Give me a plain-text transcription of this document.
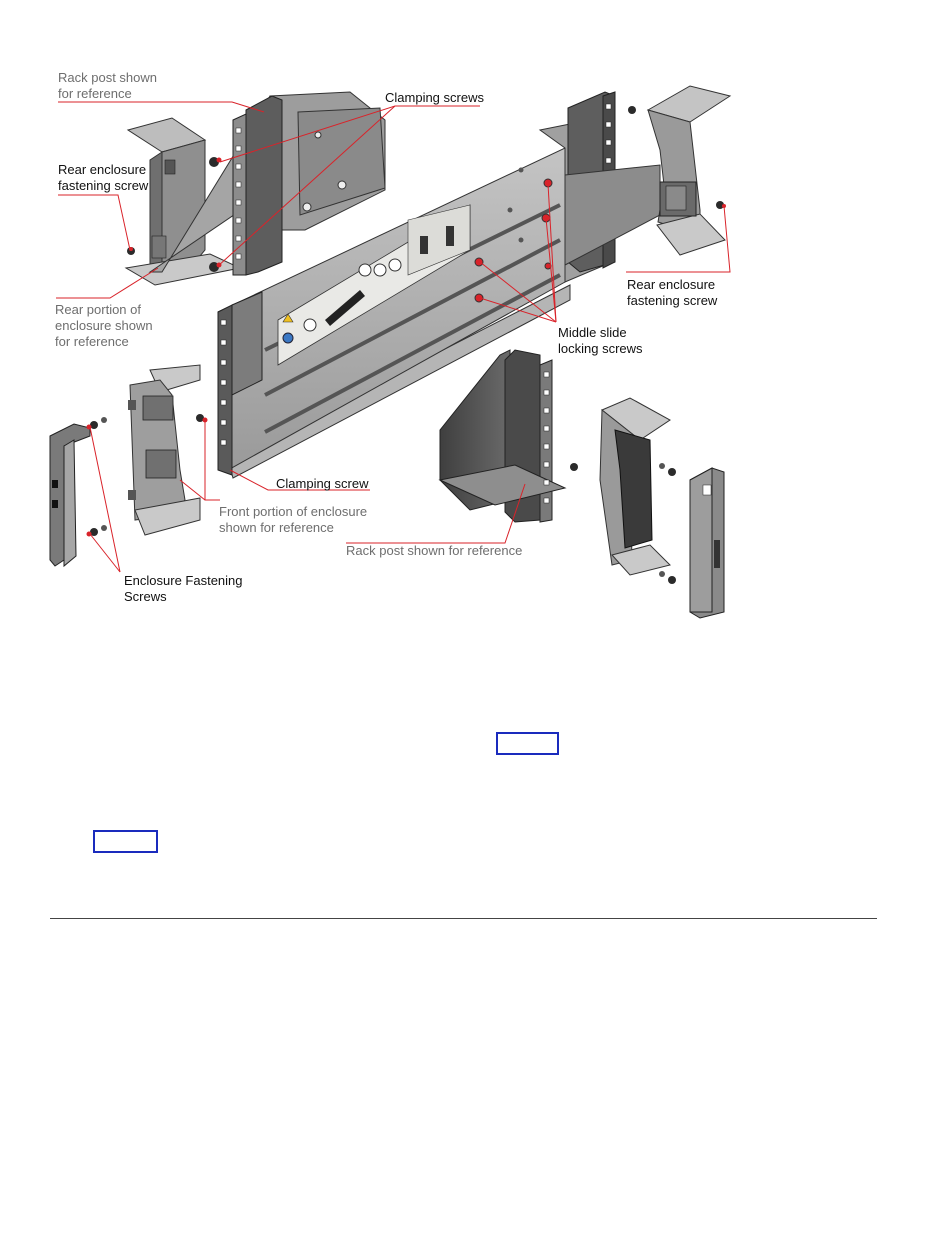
Rack post shown
for reference	Clamping screws
Rear enclosure
fastening screw
Rear portion of
enclosure shown
for reference
Rear enclosure
fastening screw
Middle slide
locking screws
Clamping screw
Front portion of enclosure
shown for reference
Rack post shown for reference
Enclosure Fastening
Screws
